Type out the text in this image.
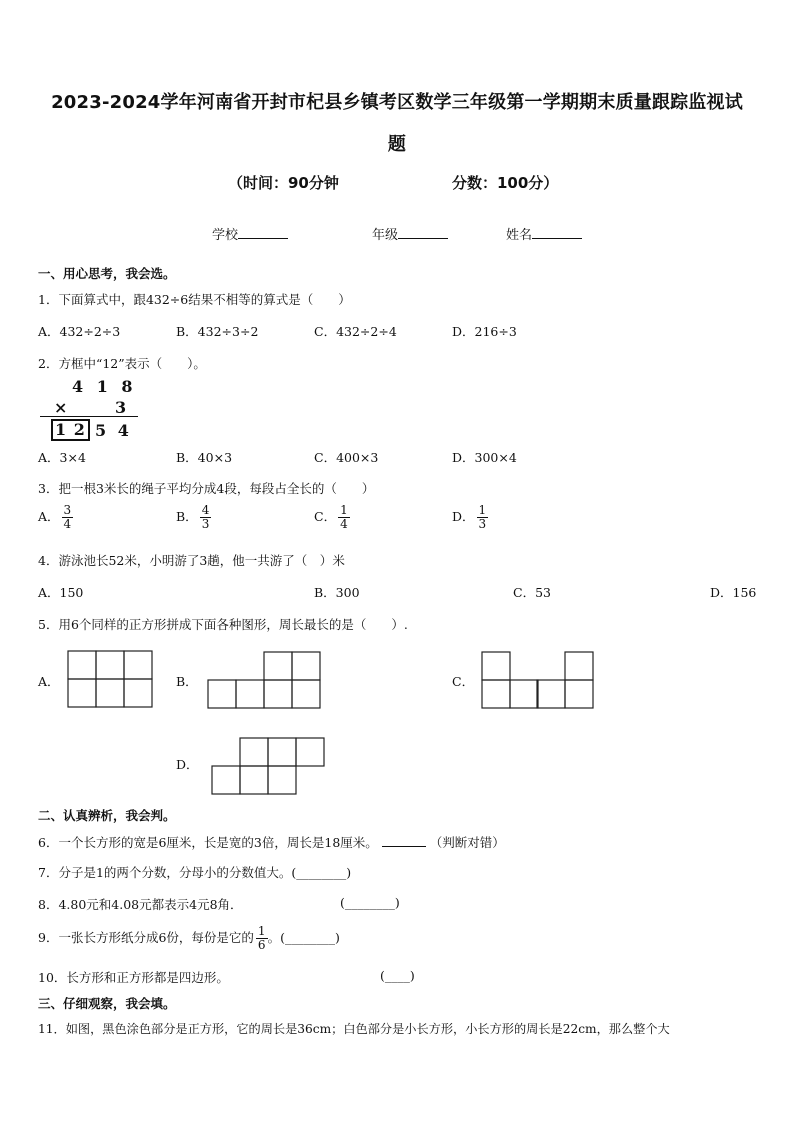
2023-2024学年河南省开封市杞县乡镇考区数学三年级第一学期期末质量跟踪监视试
题
（时间：90分钟	分数：100分）
学校	年级	姓名
一、用心思考，我会选。
1．下面算式中，跟432÷6结果不相等的算式是（　　）
A．432÷2÷3	B．432÷3÷2	C．432÷2÷4	D．216÷3
2．方框中“12”表示（　　）。
4 1 8
×	3
1 2 5 4
A．3×4	B．40×3	C．400×3	D．300×4
3．把一根3米长的绳子平均分成4段，每段占全长的（　　）
A． $\frac{3}{4}$	B． $\frac{4}{3}$	C． $\frac{1}{4}$	D． $\frac{1}{3}$
4．游泳池长52米，小明游了3趟，他一共游了（　）米
A．150	B．300	C．53	D．156
5．用6个同样的正方形拼成下面各种图形，周长最长的是（　　）.
A．	B．	C．
D．
二、认真辨析，我会判。
6．一个长方形的宽是6厘米，长是宽的3倍，周长是18厘米。	（判断对错）
7．分子是1的两个分数，分母小的分数值大。(________)
8．4.80元和4.08元都表示4元8角．	(________)
9．一张长方形纸分成6份，每份是它的 $\frac{1}{6}$ 。(________)
10．长方形和正方形都是四边形。	(____)
三、仔细观察，我会填。
11．如图，黑色涂色部分是正方形，它的周长是36cm；白色部分是小长方形，小长方形的周长是22cm，那么整个大
